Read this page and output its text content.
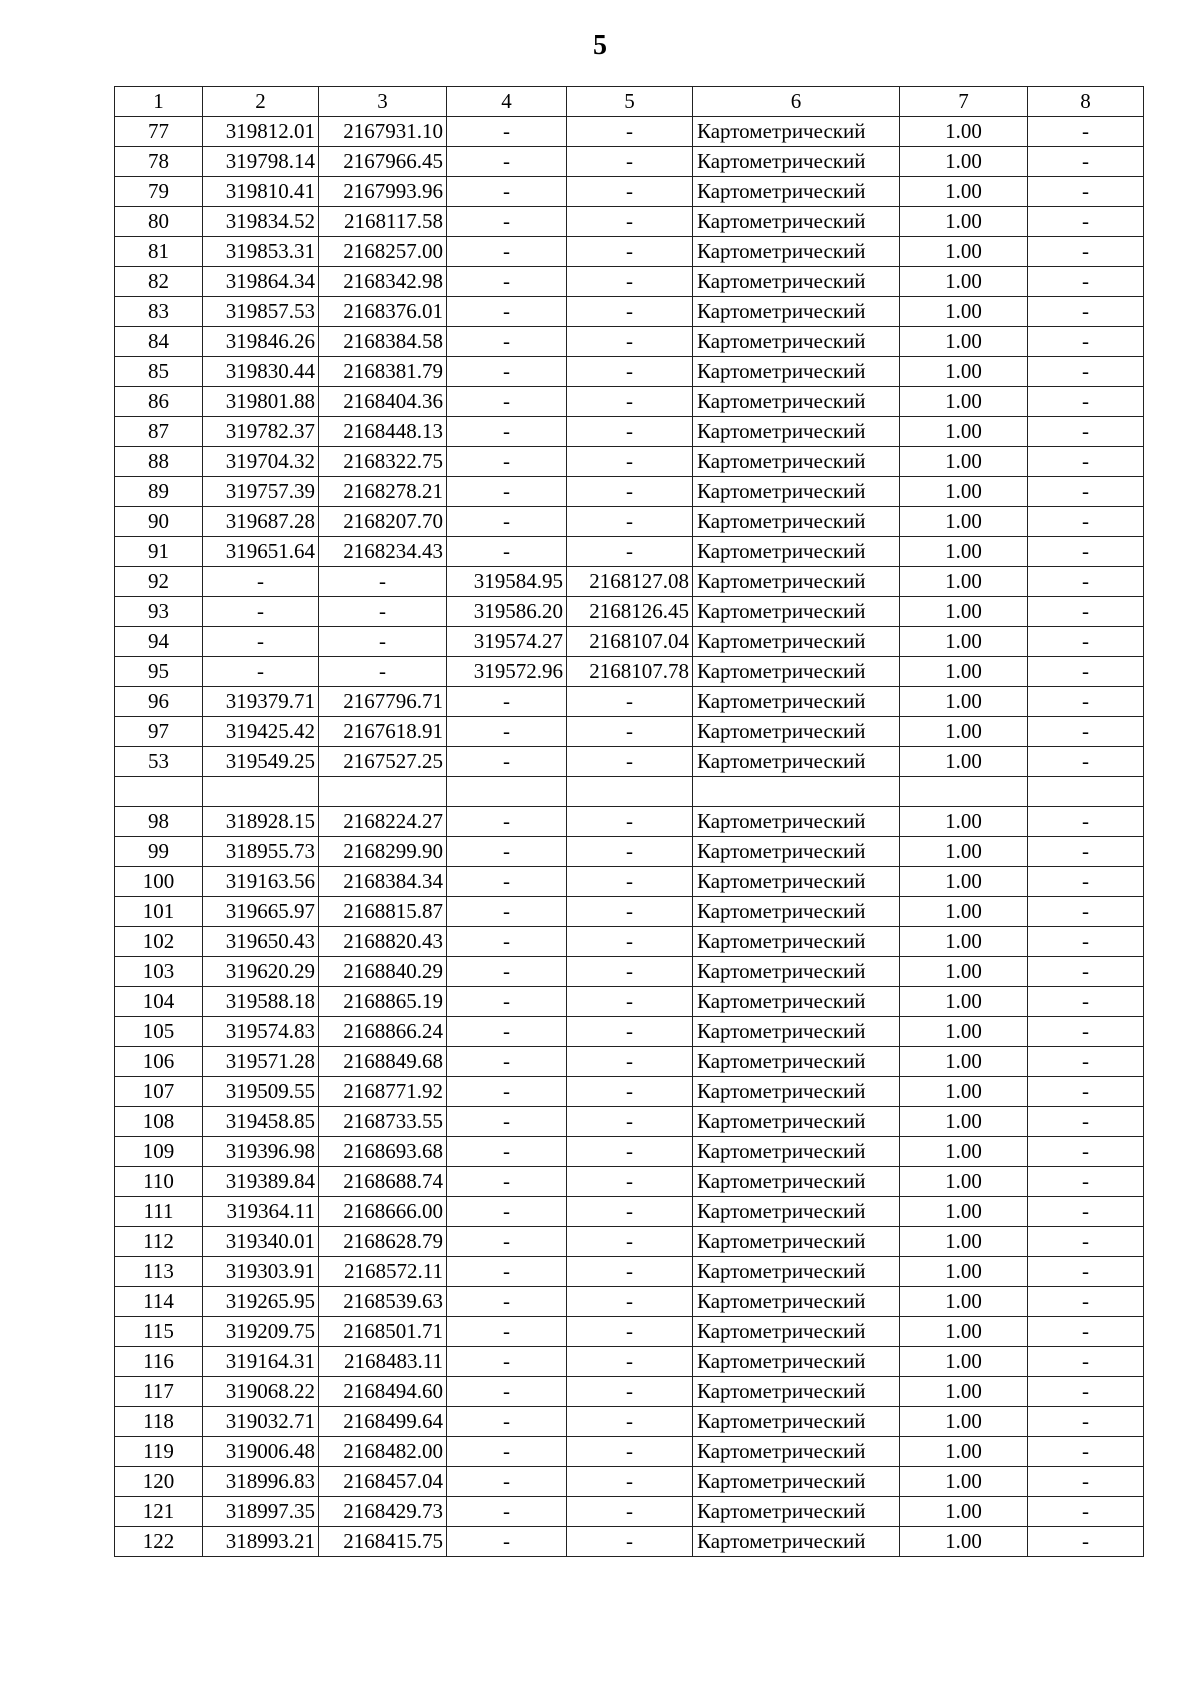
5
1	2	3	4	5	6	7	8
77	319812.01	2167931.10	-	-	Картометрический	1.00	-
78	319798.14	2167966.45	-	-	Картометрический	1.00	-
79	319810.41	2167993.96	-	-	Картометрический	1.00	-
80	319834.52	2168117.58	-	-	Картометрический	1.00	-
81	319853.31	2168257.00	-	-	Картометрический	1.00	-
82	319864.34	2168342.98	-	-	Картометрический	1.00	-
83	319857.53	2168376.01	-	-	Картометрический	1.00	-
84	319846.26	2168384.58	-	-	Картометрический	1.00	-
85	319830.44	2168381.79	-	-	Картометрический	1.00	-
86	319801.88	2168404.36	-	-	Картометрический	1.00	-
87	319782.37	2168448.13	-	-	Картометрический	1.00	-
88	319704.32	2168322.75	-	-	Картометрический	1.00	-
89	319757.39	2168278.21	-	-	Картометрический	1.00	-
90	319687.28	2168207.70	-	-	Картометрический	1.00	-
91	319651.64	2168234.43	-	-	Картометрический	1.00	-
92	-	-	319584.95	2168127.08	Картометрический	1.00	-
93	-	-	319586.20	2168126.45	Картометрический	1.00	-
94	-	-	319574.27	2168107.04	Картометрический	1.00	-
95	-	-	319572.96	2168107.78	Картометрический	1.00	-
96	319379.71	2167796.71	-	-	Картометрический	1.00	-
97	319425.42	2167618.91	-	-	Картометрический	1.00	-
53	319549.25	2167527.25	-	-	Картометрический	1.00	-

98	318928.15	2168224.27	-	-	Картометрический	1.00	-
99	318955.73	2168299.90	-	-	Картометрический	1.00	-
100	319163.56	2168384.34	-	-	Картометрический	1.00	-
101	319665.97	2168815.87	-	-	Картометрический	1.00	-
102	319650.43	2168820.43	-	-	Картометрический	1.00	-
103	319620.29	2168840.29	-	-	Картометрический	1.00	-
104	319588.18	2168865.19	-	-	Картометрический	1.00	-
105	319574.83	2168866.24	-	-	Картометрический	1.00	-
106	319571.28	2168849.68	-	-	Картометрический	1.00	-
107	319509.55	2168771.92	-	-	Картометрический	1.00	-
108	319458.85	2168733.55	-	-	Картометрический	1.00	-
109	319396.98	2168693.68	-	-	Картометрический	1.00	-
110	319389.84	2168688.74	-	-	Картометрический	1.00	-
111	319364.11	2168666.00	-	-	Картометрический	1.00	-
112	319340.01	2168628.79	-	-	Картометрический	1.00	-
113	319303.91	2168572.11	-	-	Картометрический	1.00	-
114	319265.95	2168539.63	-	-	Картометрический	1.00	-
115	319209.75	2168501.71	-	-	Картометрический	1.00	-
116	319164.31	2168483.11	-	-	Картометрический	1.00	-
117	319068.22	2168494.60	-	-	Картометрический	1.00	-
118	319032.71	2168499.64	-	-	Картометрический	1.00	-
119	319006.48	2168482.00	-	-	Картометрический	1.00	-
120	318996.83	2168457.04	-	-	Картометрический	1.00	-
121	318997.35	2168429.73	-	-	Картометрический	1.00	-
122	318993.21	2168415.75	-	-	Картометрический	1.00	-
